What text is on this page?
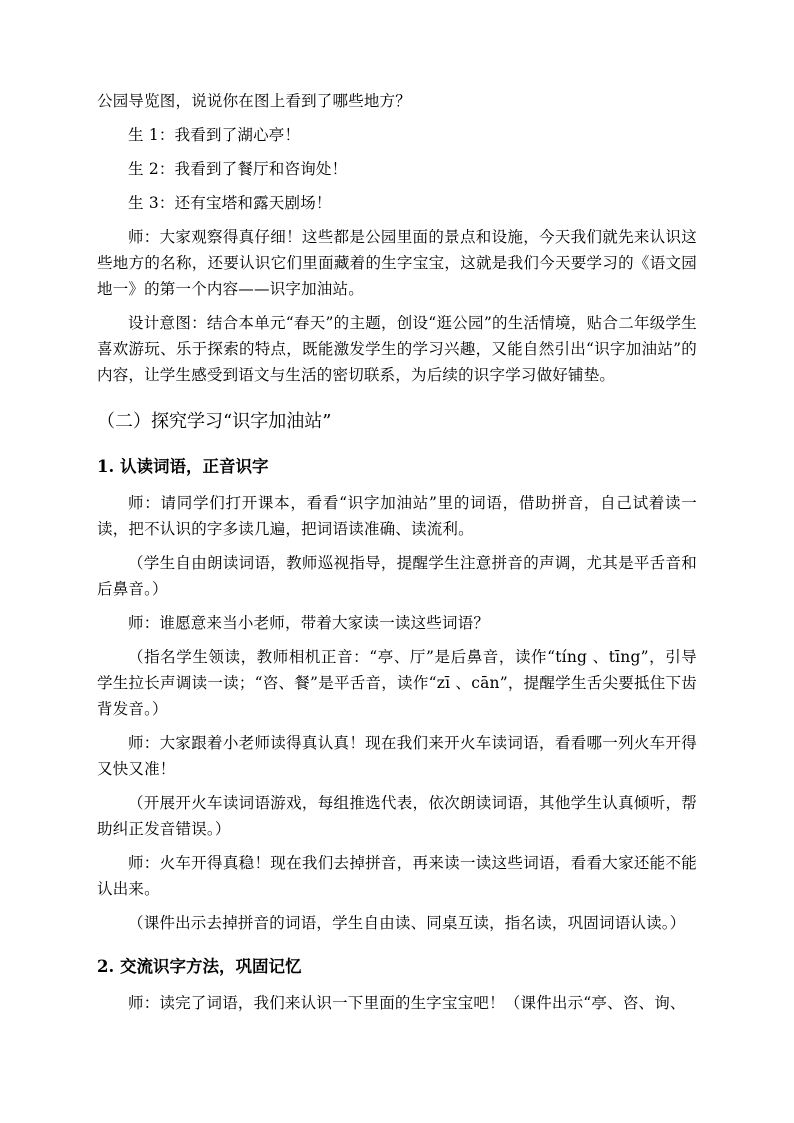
公园导览图，说说你在图上看到了哪些地方？

生 1：我看到了湖心亭！

生 2：我看到了餐厅和咨询处！

生 3：还有宝塔和露天剧场！

师：大家观察得真仔细！这些都是公园里面的景点和设施，今天我们就先来认识这些地方的名称，还要认识它们里面藏着的生字宝宝，这就是我们今天要学习的《语文园地一》的第一个内容——识字加油站。

设计意图：结合本单元“春天”的主题，创设“逛公园”的生活情境，贴合二年级学生喜欢游玩、乐于探索的特点，既能激发学生的学习兴趣，又能自然引出“识字加油站”的内容，让学生感受到语文与生活的密切联系，为后续的识字学习做好铺垫。

（二）探究学习“识字加油站”
1. 认读词语，正音识字

师：请同学们打开课本，看看“识字加油站”里的词语，借助拼音，自己试着读一读，把不认识的字多读几遍，把词语读准确、读流利。

（学生自由朗读词语，教师巡视指导，提醒学生注意拼音的声调，尤其是平舌音和后鼻音。）

师：谁愿意来当小老师，带着大家读一读这些词语？

（指名学生领读，教师相机正音：“亭、厅”是后鼻音，读作“tíng 、tīng”，引导学生拉长声调读一读；“咨、餐”是平舌音，读作“zī 、cān”，提醒学生舌尖要抵住下齿背发音。）

师：大家跟着小老师读得真认真！现在我们来开火车读词语，看看哪一列火车开得又快又准！

（开展开火车读词语游戏，每组推选代表，依次朗读词语，其他学生认真倾听，帮助纠正发音错误。）

师：火车开得真稳！现在我们去掉拼音，再来读一读这些词语，看看大家还能不能认出来。

（课件出示去掉拼音的词语，学生自由读、同桌互读，指名读，巩固词语认读。）

2. 交流识字方法，巩固记忆

师：读完了词语，我们来认识一下里面的生字宝宝吧！（课件出示“亭、咨、询、
